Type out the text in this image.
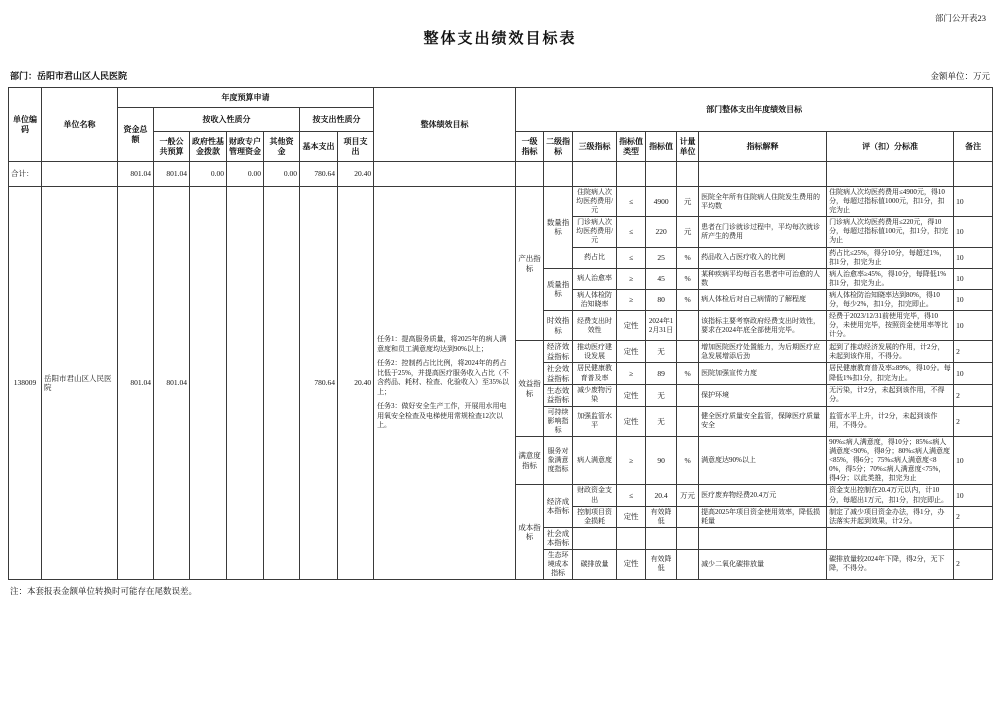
部门公开表23
整体支出绩效目标表
部门：岳阳市君山区人民医院	金额单位：万元
单位编码	单位名称	年度预算申请							整体绩效目标	部门整体支出年度绩效目标								
		资金总额	按收入性质分				按支出性质分											
			一般公共预算	政府性基金拨款	财政专户管理资金	其他资金	基本支出	项目支出		一级指标	二级指标	三级指标	指标值类型	指标值	计量单位	指标解释	评（扣）分标准	备注
合计：		801.04	801.04	0.00	0.00	0.00	780.64	20.40										
138009	岳阳市君山区人民医院	801.04	801.04				780.64	20.40	任务1：提高服务质量，将2025年的病人满意度和员工满意度均达到90%以上；

任务2：控制药占比比例，将2024年的药占比低于25%，并提高医疗服务收入占比（不含药品、耗材、检查、化验收入）至35%以上；

任务3：做好安全生产工作，开展用水用电用氧安全检查及电梯使用常规检查12次以上。	产出指标	数量指标	住院病人次均医药费用/元	≤	4900	元	医院全年所有住院病人住院发生费用的平均数	住院病人次均医药费用≤4900元，得10分，每超过指标值1000元，扣1分，扣完为止	10
												门诊病人次均医药费用/元	≤	220	元	患者在门诊就诊过程中，平均每次就诊所产生的费用	门诊病人次均医药费用≤220元，得10分，每超过指标值100元，扣1分，扣完为止	10
												药占比	≤	25	%	药品收入占医疗收入的比例	药占比≤25%，得分10分，每超过1%，扣1分，扣完为止	10
											质量指标	病人治愈率	≥	45	%	某种疾病平均每百名患者中可治愈的人数	病人治愈率≥45%，得10分，每降低1%扣1分，扣完为止。	10
												病人体检防治知晓率	≥	80	%	病人体检后对自己病情的了解程度	病人体检防治知晓率达到80%，得10分，每少2%，扣1分，扣完即止。	10
											时效指标	经费支出时效性	定性	2024年12月31日		该指标主要考察政府经费支出时效性，要求在2024年底全部使用完毕。	经费于2023/12/31前使用完毕，得10分，未使用完毕，按照资金使用率等比计分。	10
										效益指标	经济效益指标	推动医疗建设发展	定性	无		增加医院医疗处置能力，为后期医疗应急发展增添后劲	起到了推动经济发展的作用，计2分，未起到该作用，不得分。	2
											社会效益指标	居民健康教育普及率	≥	89	%	医院加强宣传力度	居民健康教育普及率≥89%，得10分。每降低1%扣1分，扣完为止。	10
											生态效益指标	减少废物污染	定性	无		保护环境	无污染，计2分，未起到该作用，不得分。	2
											可持续影响指标	加强监管水平	定性	无		健全医疗质量安全监管，保障医疗质量安全	监管水平上升，计2分，未起到该作用，不得分。	2
										满意度指标	服务对象满意度指标	病人满意度	≥	90	%	满意度达90%以上	90%≤病人满意度，得10分；85%≤病人满意度<90%，得8分；80%≤病人满意度<85%，得6分；75%≤病人满意度<80%，得5分；70%≤病人满意度<75%，得4分；以此类推，扣完为止	10
										成本指标	经济成本指标	财政资金支出	≤	20.4	万元	医疗废弃物经费20.4万元	资金支出控制在20.4万元以内，计10分，每超出1万元，扣1分，扣完即止。	10
												控制项目资金损耗	定性	有效降低		提高2025年项目资金使用效率，降低损耗量	制定了减少项目资金办法，得1分，办法落实并起到效果，计2分。	2
											社会成本指标							
											生态环境成本指标	碳排放量	定性	有效降低		减少二氧化碳排放量	碳排放量较2024年下降，得2分，无下降，不得分。	2
注：本套报表金额单位转换时可能存在尾数误差。
